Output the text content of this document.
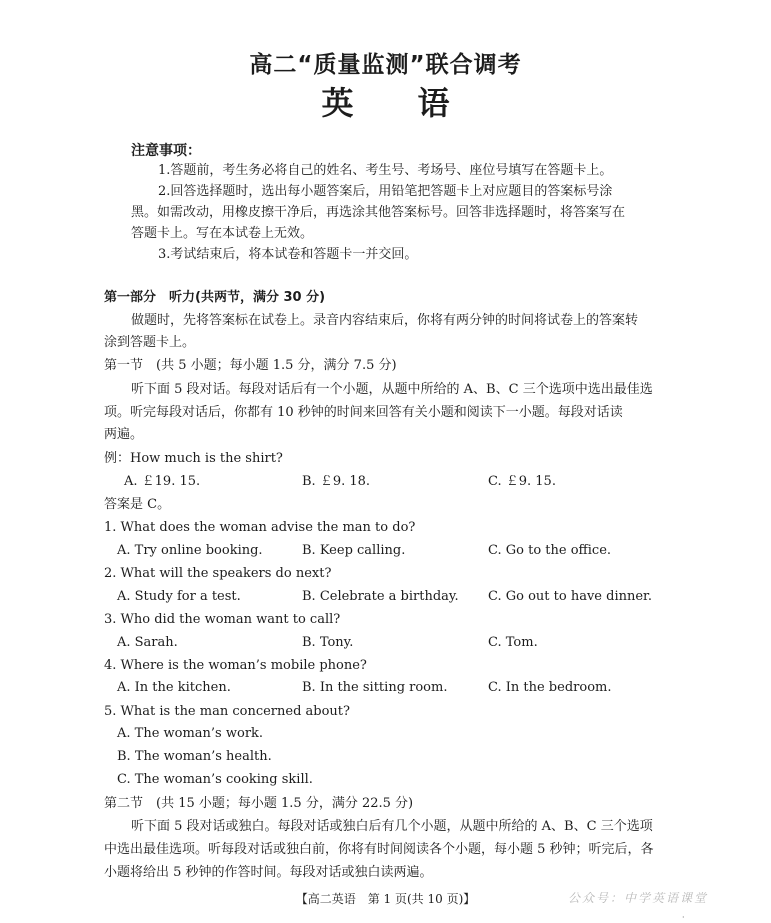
高二“质量监测”联合调考
英 语
注意事项：
1.答题前，考生务必将自己的姓名、考生号、考场号、座位号填写在答题卡上。
2.回答选择题时，选出每小题答案后，用铅笔把答题卡上对应题目的答案标号涂
黑。如需改动，用橡皮擦干净后，再选涂其他答案标号。回答非选择题时，将答案写在
答题卡上。写在本试卷上无效。
3.考试结束后，将本试卷和答题卡一并交回。
第一部分　听力(共两节，满分 30 分)
做题时，先将答案标在试卷上。录音内容结束后，你将有两分钟的时间将试卷上的答案转
涂到答题卡上。
第一节　(共 5 小题；每小题 1.5 分，满分 7.5 分)
听下面 5 段对话。每段对话后有一个小题，从题中所给的 A、B、C 三个选项中选出最佳选
项。听完每段对话后，你都有 10 秒钟的时间来回答有关小题和阅读下一小题。每段对话读
两遍。
例：How much is the shirt?
A. ￡19. 15.	B. ￡9. 18.	C. ￡9. 15.
答案是 C。
1. What does the woman advise the man to do?
A. Try online booking.	B. Keep calling.	C. Go to the office.
2. What will the speakers do next?
A. Study for a test.	B. Celebrate a birthday. C. Go out to have dinner.
3. Who did the woman want to call?
A. Sarah.	B. Tony.	C. Tom.
4. Where is the woman’s mobile phone?
A. In the kitchen.	B. In the sitting room.	C. In the bedroom.
5. What is the man concerned about?
A. The woman’s work.
B. The woman’s health.
C. The woman’s cooking skill.
第二节　(共 15 小题；每小题 1.5 分，满分 22.5 分)
听下面 5 段对话或独白。每段对话或独白后有几个小题，从题中所给的 A、B、C 三个选项
中选出最佳选项。听每段对话或独白前，你将有时间阅读各个小题，每小题 5 秒钟；听完后，各
小题将给出 5 秒钟的作答时间。每段对话或独白读两遍。
【高二英语　第 1 页(共 10 页)】	公众号：中学英语课堂
·
